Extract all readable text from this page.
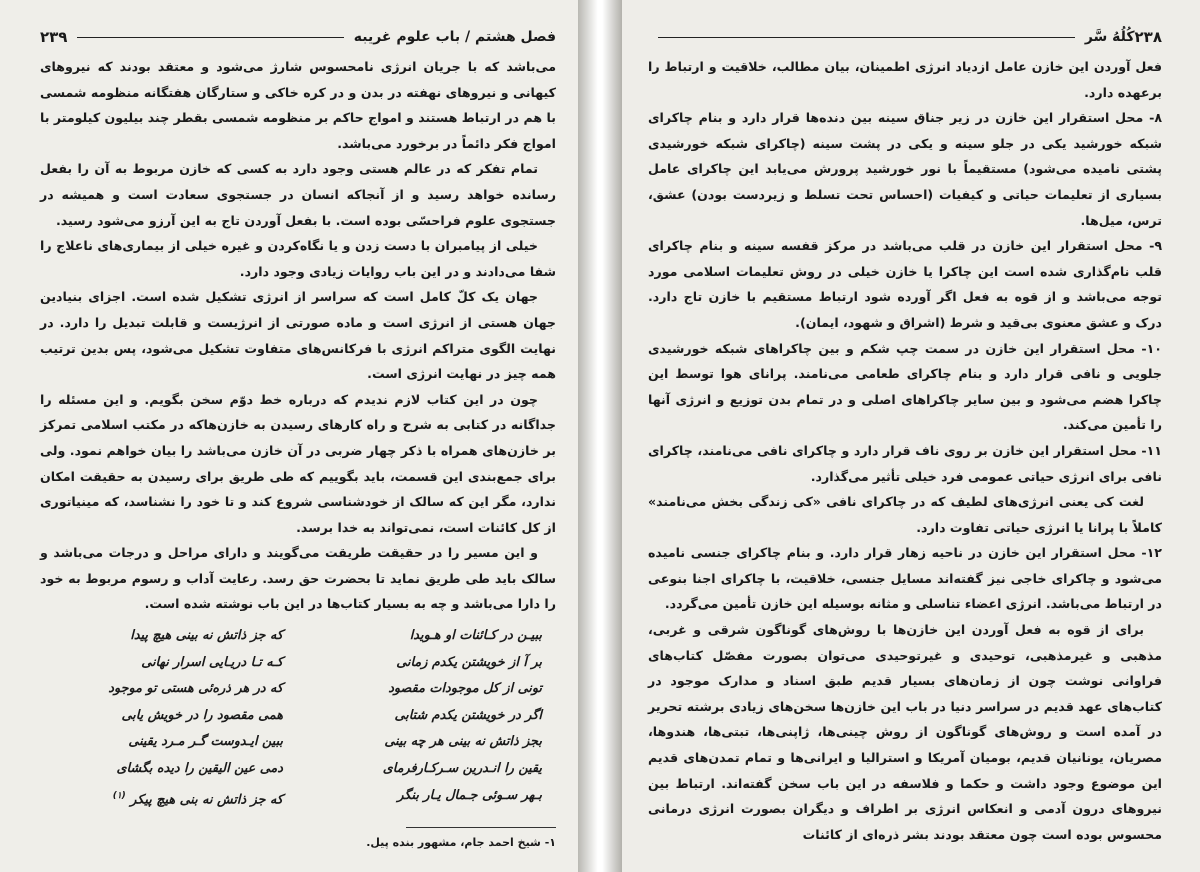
فصل هشتم / باب علوم غریبه
۲۳۹

می‌باشد که با جریان انرژی نامحسوس شارژ می‌شود و معتقد بودند که نیروهای کیهانی و نیروهای نهفته در بدن و در کره خاکی و ستارگان هفتگانه منظومه شمسی با هم در ارتباط هستند و امواج حاکم بر منظومه شمسی بقطر چند بیلیون کیلومتر با امواج فکر دائماً در برخورد می‌باشد.

تمام تفکر که در عالم هستی وجود دارد به کسی که خازن مربوط به آن را بفعل رسانده خواهد رسید و از آنجاکه انسان در جستجوی سعادت است و همیشه در جستجوی علوم فراحسّی بوده است. با بفعل آوردن تاج به این آرزو می‌شود رسید.

خیلی از پیامبران با دست زدن و یا نگاه‌کردن و غیره خیلی از بیماری‌های ناعلاج را شفا می‌دادند و در این باب روایات زیادی وجود دارد.

جهان یک کلّ کامل است که سراسر از انرژی تشکیل شده است. اجزای بنیادین جهان هستی از انرژی است و ماده صورتی از انرژیست و قابلت تبدیل را دارد. در نهایت الگوی متراکم انرژی با فرکانس‌های متفاوت تشکیل می‌شود، پس بدین ترتیب همه چیز در نهایت انرژی است.

چون در این کتاب لازم ندیدم که درباره خط دوّم سخن بگویم. و این مسئله را جداگانه در کتابی به شرح و راه کارهای رسیدن به خازن‌هاکه در مکتب اسلامی تمرکز بر خازن‌های همراه با ذکر چهار ضربی در آن خازن می‌باشد را بیان خواهم نمود. ولی برای جمع‌بندی این قسمت، باید بگوییم که طی طریق برای رسیدن به حقیقت امکان ندارد، مگر این که سالک از خودشناسی شروع کند و تا خود را نشناسد، که مینیاتوری از کل کائنات است، نمی‌تواند به خدا برسد.

و این مسیر را در حقیقت طریقت می‌گویند و دارای مراحل و درجات می‌باشد و سالک باید طی طریق نماید تا بحضرت حق رسد. رعایت آداب و رسوم مربوط به خود را دارا می‌باشد و چه به بسیار کتاب‌ها در این باب نوشته شده است.

ببیـن در کـائنات او هـویدا
که جز ذاتش نه بینی هیچ پیدا
بر آ از خویشتن یکدم زمانی
کـه تـا دریـایی اسرار نهانی
تونی از کل موجودات مقصود
که در هر ذره‌ئی هستی تو موجود
اگر در خویشتن یکدم شتابی
همی مقصود را در خویش یابی
بجز ذاتش نه بینی هر چه بینی
ببین ایـدوست گـر مـرد یقینی
یقین را انـدرین سـرکـارفرمای
دمی عین الیقین را دیده بگشای
بـهر سـوئی جـمال یـار بنگر
که جز ذاتش نه بنی هیچ پیکر $^{(۱)}$
۱- شیخ احمد جام، مشهور بنده پیل.
۲۳۸
کُلُهُ سَّر

فعل آوردن این خازن عامل ازدیاد انرژی اطمینان، بیان مطالب، خلاقیت و ارتباط را برعهده دارد.

۸- محل استقرار این خازن در زیر جناق سینه بین دنده‌ها قرار دارد و بنام چاکرای شبکه خورشید یکی در جلو سینه و یکی در پشت سینه (چاکرای شبکه خورشیدی پشتی نامیده می‌شود) مستقیماً با نور خورشید پرورش می‌یابد این چاکرای عامل بسیاری از تعلیمات حیاتی و کیفیات (احساس تحت تسلط و زیردست بودن) عشق، ترس، میل‌ها.

۹- محل استقرار این خازن در قلب می‌باشد در مرکز قفسه سینه و بنام چاکرای قلب نام‌گذاری شده است این چاکرا یا خازن خیلی در روش تعلیمات اسلامی مورد توجه می‌باشد و از قوه به فعل اگر آورده شود ارتباط مستقیم با خازن تاج دارد. درک و عشق معنوی بی‌قید و شرط (اشراق و شهود، ایمان).

۱۰- محل استقرار این خازن در سمت چپ شکم و بین چاکراهای شبکه خورشیدی جلویی و نافی قرار دارد و بنام چاکرای طعامی می‌نامند. پرانای هوا توسط این چاکرا هضم می‌شود و بین سایر چاکراهای اصلی و در تمام بدن توزیع و انرژی آنها را تأمین می‌کند.

۱۱- محل استقرار این خازن بر روی ناف قرار دارد و چاکرای نافی می‌نامند، چاکرای نافی برای انرژی حیاتی عمومی فرد خیلی تأثیر می‌گذارد.

لغت کی یعنی انرژی‌های لطیف که در چاکرای نافی «کی زندگی بخش می‌نامند» کاملاً با پرانا یا انرژی حیاتی تفاوت دارد.

۱۲- محل استقرار این خازن در ناحیه زهار قرار دارد. و بنام چاکرای جنسی نامیده می‌شود و چاکرای خاجی نیز گفته‌اند مسایل جنسی، خلاقیت، با چاکرای اجنا بنوعی در ارتباط می‌باشد. انرژی اعضاء تناسلی و مثانه بوسیله این خازن تأمین می‌گردد.

برای از قوه به فعل آوردن این خازن‌ها با روش‌های گوناگون شرقی و غربی، مذهبی و غیرمذهبی، توحیدی و غیرتوحیدی می‌توان بصورت مفصّل کتاب‌های فراوانی نوشت چون از زمان‌های بسیار قدیم طبق اسناد و مدارک موجود در کتاب‌های عهد قدیم در سراسر دنیا در باب این خازن‌ها سخن‌های زیادی برشته تحریر در آمده است و روش‌های گوناگون از روش چینی‌ها، ژاپنی‌ها، تبتی‌ها، هندوها، مصریان، یونانیان قدیم، بومیان آمریکا و استرالیا و ایرانی‌ها و تمام تمدن‌های قدیم این موضوع وجود داشت و حکما و فلاسفه در این باب سخن گفته‌اند. ارتباط بین نیروهای درون آدمی و انعکاس انرژی بر اطراف و دیگران بصورت انرژی درمانی محسوس بوده است چون معتقد بودند بشر ذره‌ای از کائنات
